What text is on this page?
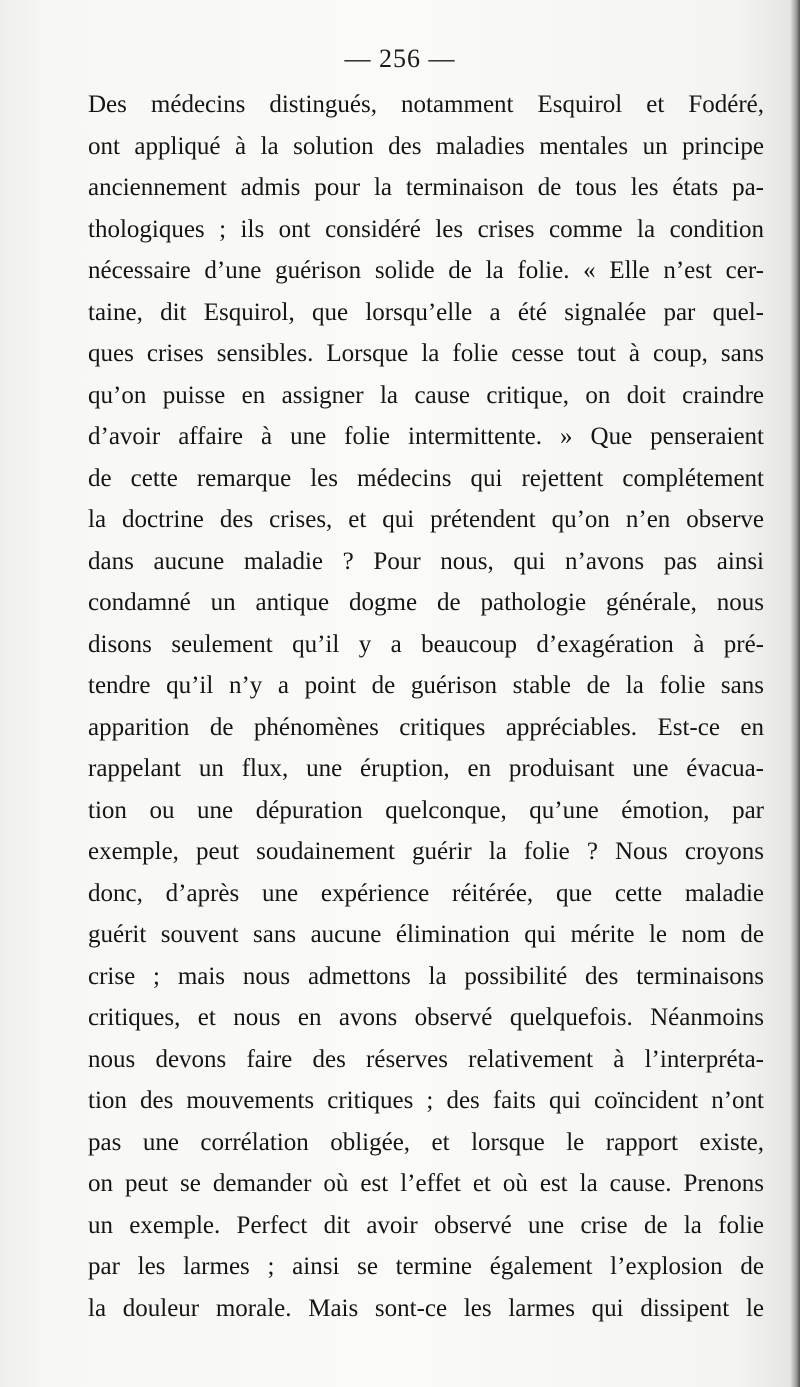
— 256 —
Des médecins distingués, notamment Esquirol et Fodéré,
ont appliqué à la solution des maladies mentales un principe
anciennement admis pour la terminaison de tous les états pa-
thologiques ; ils ont considéré les crises comme la condition
nécessaire d’une guérison solide de la folie. « Elle n’est cer-
taine, dit Esquirol, que lorsqu’elle a été signalée par quel-
ques crises sensibles. Lorsque la folie cesse tout à coup, sans
qu’on puisse en assigner la cause critique, on doit craindre
d’avoir affaire à une folie intermittente. » Que penseraient
de cette remarque les médecins qui rejettent complétement
la doctrine des crises, et qui prétendent qu’on n’en observe
dans aucune maladie ? Pour nous, qui n’avons pas ainsi
condamné un antique dogme de pathologie générale, nous
disons seulement qu’il y a beaucoup d’exagération à pré-
tendre qu’il n’y a point de guérison stable de la folie sans
apparition de phénomènes critiques appréciables. Est-ce en
rappelant un flux, une éruption, en produisant une évacua-
tion ou une dépuration quelconque, qu’une émotion, par
exemple, peut soudainement guérir la folie ? Nous croyons
donc, d’après une expérience réitérée, que cette maladie
guérit souvent sans aucune élimination qui mérite le nom de
crise ; mais nous admettons la possibilité des terminaisons
critiques, et nous en avons observé quelquefois. Néanmoins
nous devons faire des réserves relativement à l’interpréta-
tion des mouvements critiques ; des faits qui coïncident n’ont
pas une corrélation obligée, et lorsque le rapport existe,
on peut se demander où est l’effet et où est la cause. Prenons
un exemple. Perfect dit avoir observé une crise de la folie
par les larmes ; ainsi se termine également l’explosion de
la douleur morale. Mais sont-ce les larmes qui dissipent le
